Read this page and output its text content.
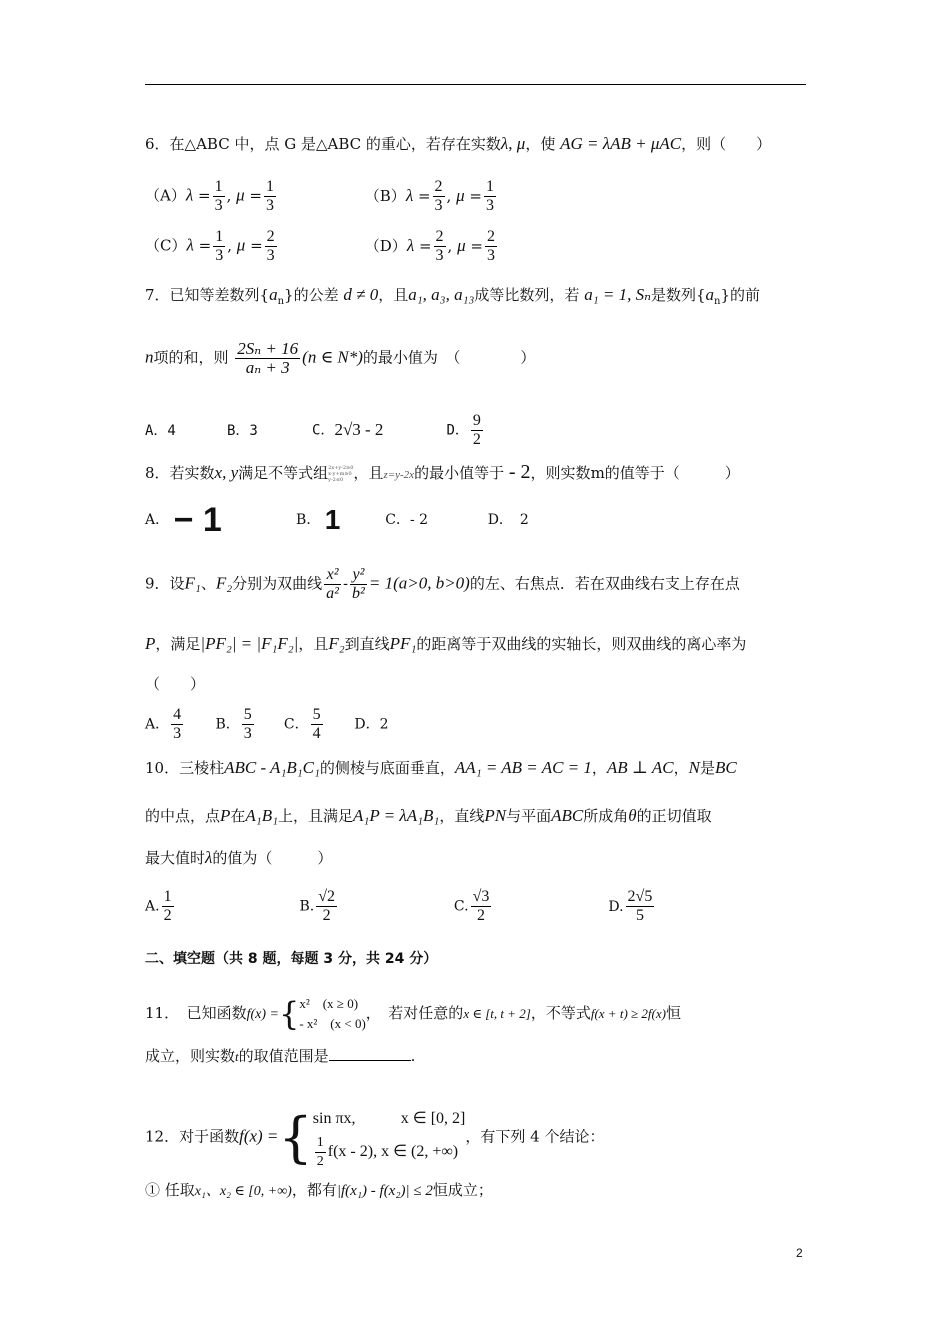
6．在△ABC 中，点 G 是△ABC 的重心，若存在实数λ, μ，使 AG = λAB + μAC，则（　　）
$(A)\lambda = \frac{1}{3}$ , $\mu = \frac{1}{3}$	$(B)\lambda = \frac{2}{3}$ , $\mu = \frac{1}{3}$
$(C)\lambda = \frac{1}{3}$ , $\mu = \frac{2}{3}$	$(D)\lambda = \frac{2}{3}$ , $\mu = \frac{2}{3}$
7．已知等差数列$\{a_n\}$的公差 d ≠ 0，且a₁, a₃, a₁₃成等比数列，若 a₁ = 1, Sₙ是数列$\{a_n\}$的前
n项的和，则 $\frac{\text{2Sₙ + 16}}{\text{aₙ + 3}} (n$ ∈ N*)的最小值为　（　　　　）
A．4	B．3	C．2√3 - 2	D． $\frac{9}{2}$
8．若实数x, y满足不等式组2x+y-2≥0
x-y+m≥0
y-2≤0 ，且z=y-2x的最小值等于 - 2，则实数m的值等于（　　　）
A． − 1	B． 1	C．- 2	D．　2
9．设F₁、F₂分别为双曲线 $\frac{\text{x²}}{\text{a²}} - \frac{\text{y²}}{\text{b²}} = 1(a>0$, b>0)的左、右焦点．若在双曲线右支上存在点
P，满足|PF₂| = |F₁F₂|，且F₂到直线PF₁的距离等于双曲线的实轴长，则双曲线的离心率为
（　　）
A． $\frac{4}{3}$ B． $\frac{5}{3}$ C． $\frac{5}{4}$ D．2
10．三棱柱ABC - A₁B₁C₁的侧棱与底面垂直，AA₁ = AB = AC = 1，AB ⊥ AC，N是BC
的中点，点P在A₁B₁上，且满足A₁P = λA₁B₁，直线PN与平面ABC所成角θ的正切值取
最大值时λ的值为（　　　）
A. $\frac{1}{2}$	B. $\frac{√2}{2}$	C. $\frac{√3}{2}$	D. $\frac{2√5}{5}$
二、填空题（共 8 题，每题 3 分，共 24 分）
11．　已知函数f(x) ={x²　(x ≥ 0)
- x²　(x < 0)，　若对任意的x ∈ [t, t + 2]，不等式f(x + t) ≥ 2f(x)恒
成立，则实数t的取值范围是	.
12．对于函数f(x) ={sin πx,	x ∈ [0, 2]

$\frac{1}{2} f(x - 2)$, x ∈ (2, +∞)，有下列 4 个结论：
① 任取x₁、x₂ ∈ [0, +∞)，都有|f(x₁) - f(x₂)| ≤ 2恒成立；
2
